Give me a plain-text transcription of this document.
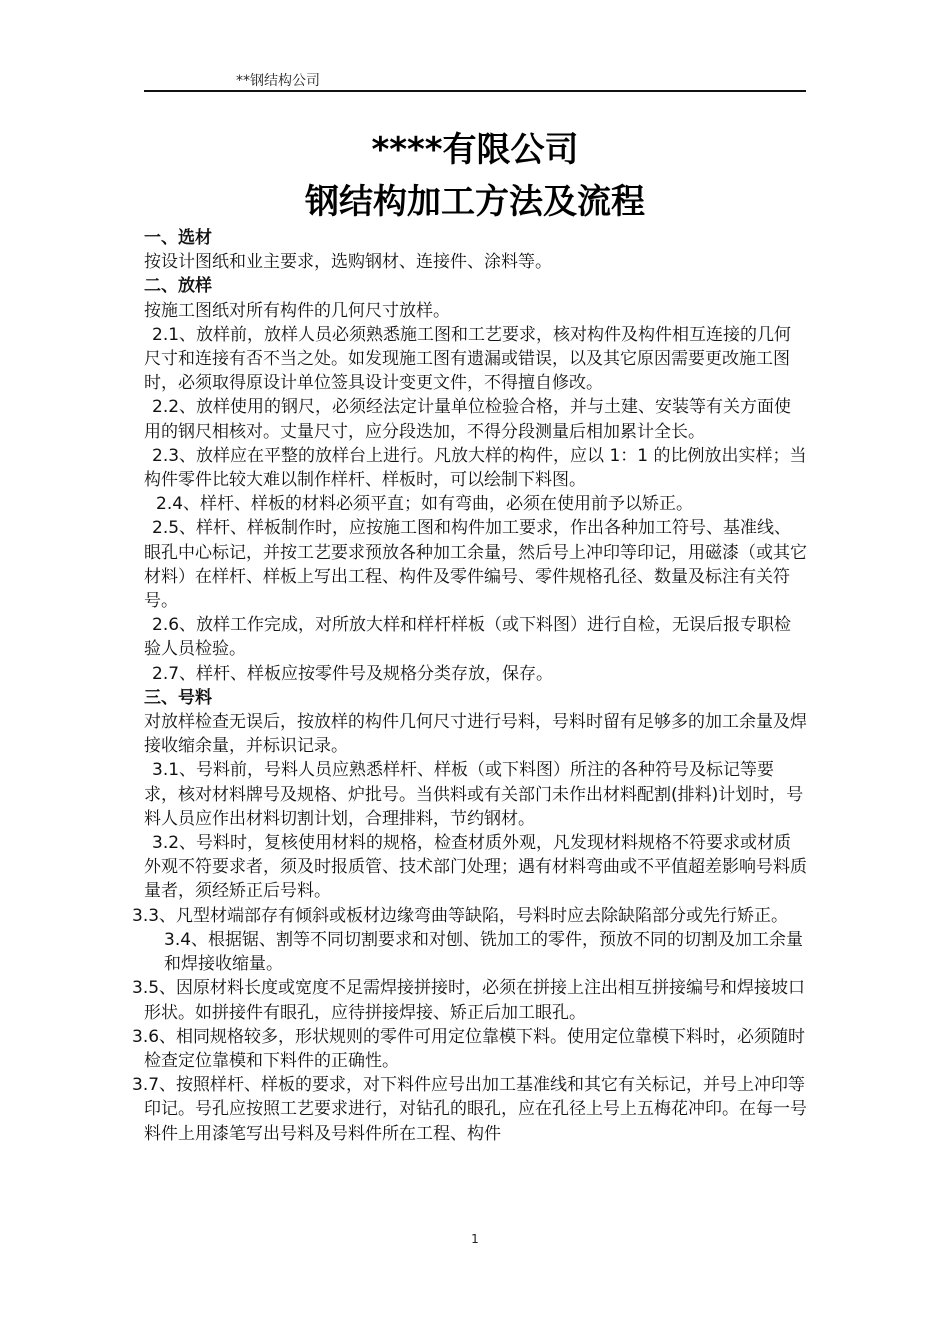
**钢结构公司
****有限公司
钢结构加工方法及流程

一、选材

按设计图纸和业主要求，选购钢材、连接件、涂料等。

二、放样

按施工图纸对所有构件的几何尺寸放样。

2.1、放样前，放样人员必须熟悉施工图和工艺要求，核对构件及构件相互连接的几何尺寸和连接有否不当之处。如发现施工图有遗漏或错误，以及其它原因需要更改施工图时，必须取得原设计单位签具设计变更文件，不得擅自修改。

2.2、放样使用的钢尺，必须经法定计量单位检验合格，并与土建、安装等有关方面使用的钢尺相核对。丈量尺寸，应分段迭加，不得分段测量后相加累计全长。

2.3、放样应在平整的放样台上进行。凡放大样的构件，应以 1：1 的比例放出实样；当构件零件比较大难以制作样杆、样板时，可以绘制下料图。

2.4、样杆、样板的材料必须平直；如有弯曲，必须在使用前予以矫正。

2.5、样杆、样板制作时，应按施工图和构件加工要求，作出各种加工符号、基准线、眼孔中心标记，并按工艺要求预放各种加工余量，然后号上冲印等印记，用磁漆（或其它材料）在样杆、样板上写出工程、构件及零件编号、零件规格孔径、数量及标注有关符号。

2.6、放样工作完成，对所放大样和样杆样板（或下料图）进行自检，无误后报专职检验人员检验。

2.7、样杆、样板应按零件号及规格分类存放，保存。

三、号料

对放样检查无误后，按放样的构件几何尺寸进行号料，号料时留有足够多的加工余量及焊接收缩余量，并标识记录。

3.1、号料前，号料人员应熟悉样杆、样板（或下料图）所注的各种符号及标记等要求，核对材料牌号及规格、炉批号。当供料或有关部门未作出材料配割(排料)计划时，号料人员应作出材料切割计划，合理排料，节约钢材。

3.2、号料时，复核使用材料的规格，检查材质外观，凡发现材料规格不符要求或材质外观不符要求者，须及时报质管、技术部门处理；遇有材料弯曲或不平值超差影响号料质量者，须经矫正后号料。

3.3、凡型材端部存有倾斜或板材边缘弯曲等缺陷，号料时应去除缺陷部分或先行矫正。

3.4、根据锯、割等不同切割要求和对刨、铣加工的零件，预放不同的切割及加工余量和焊接收缩量。

3.5、因原材料长度或宽度不足需焊接拼接时，必须在拼接上注出相互拼接编号和焊接坡口形状。如拼接件有眼孔，应待拼接焊接、矫正后加工眼孔。

3.6、相同规格较多，形状规则的零件可用定位靠模下料。使用定位靠模下料时，必须随时检查定位靠模和下料件的正确性。

3.7、按照样杆、样板的要求，对下料件应号出加工基准线和其它有关标记，并号上冲印等印记。号孔应按照工艺要求进行，对钻孔的眼孔，应在孔径上号上五梅花冲印。在每一号料件上用漆笔写出号料及号料件所在工程、构件

1
